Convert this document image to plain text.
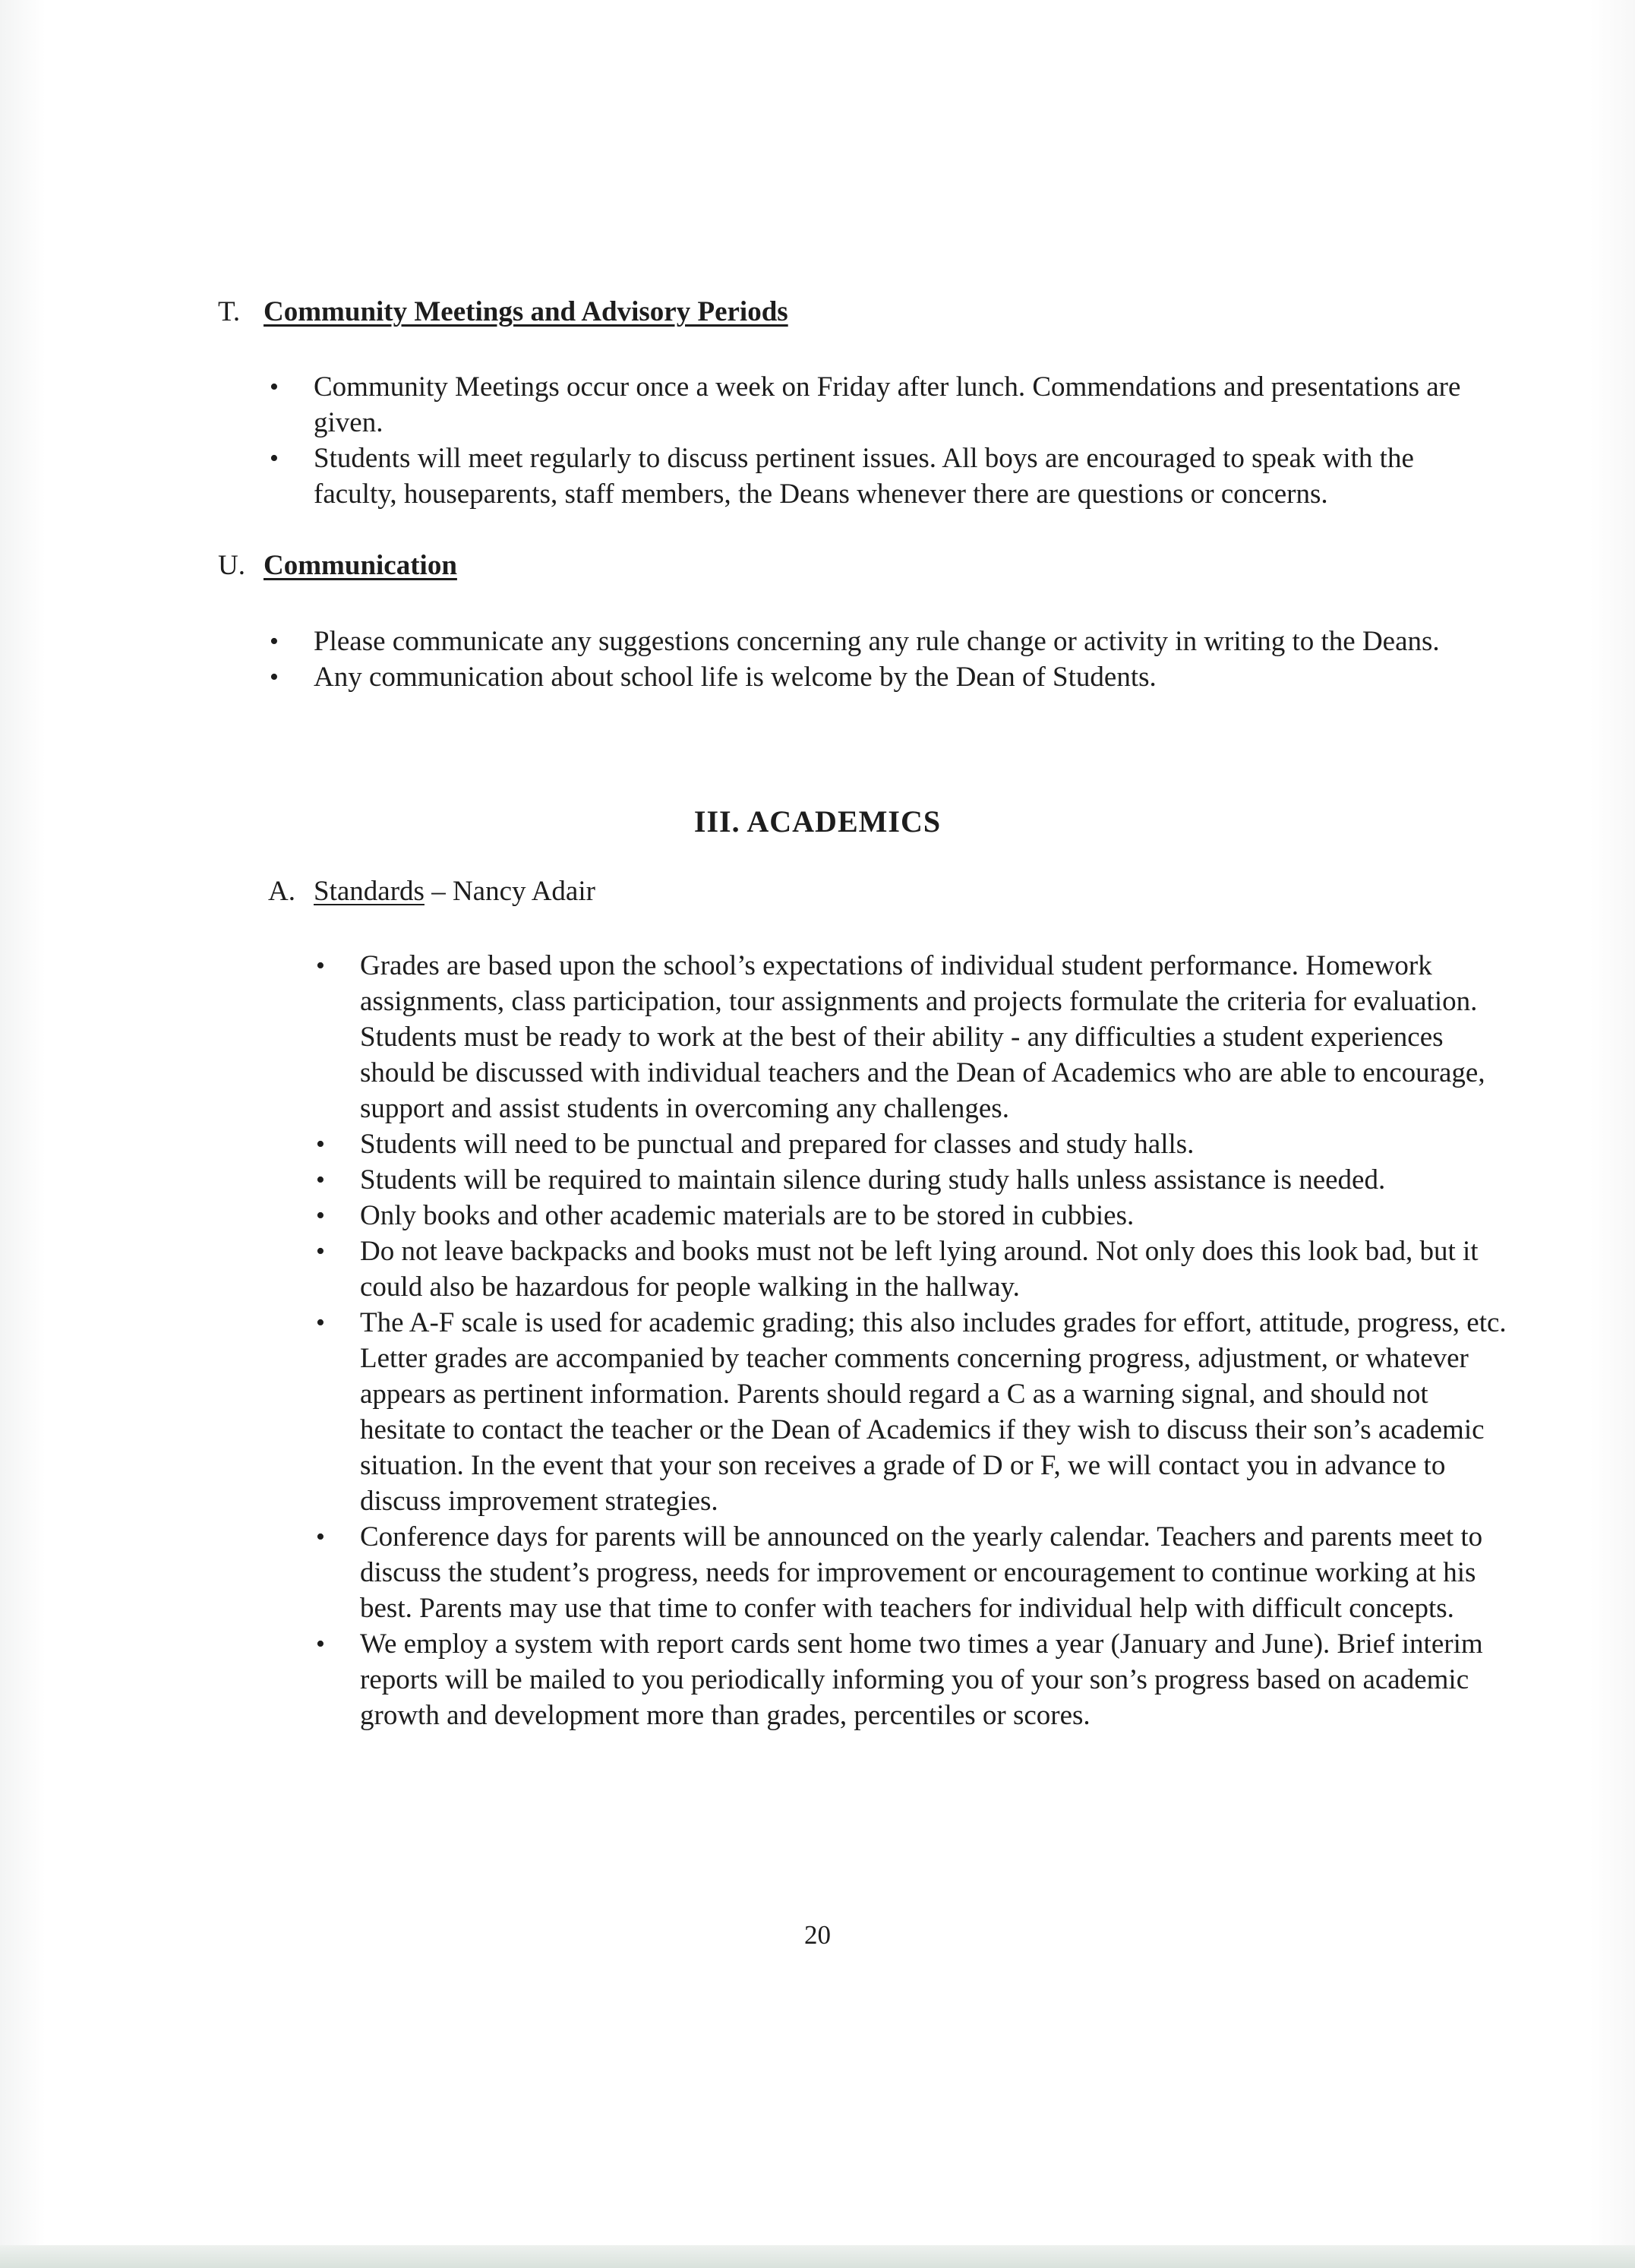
T. Community Meetings and Advisory Periods
• Community Meetings occur once a week on Friday after lunch. Commendations and presentations are given.
• Students will meet regularly to discuss pertinent issues. All boys are encouraged to speak with the faculty, houseparents, staff members, the Deans whenever there are questions or concerns.
U. Communication
• Please communicate any suggestions concerning any rule change or activity in writing to the Deans.
• Any communication about school life is welcome by the Dean of Students.
III. ACADEMICS
A. Standards – Nancy Adair
• Grades are based upon the school’s expectations of individual student performance. Homework assignments, class participation, tour assignments and projects formulate the criteria for evaluation. Students must be ready to work at the best of their ability - any difficulties a student experiences should be discussed with individual teachers and the Dean of Academics who are able to encourage, support and assist students in overcoming any challenges.
• Students will need to be punctual and prepared for classes and study halls.
• Students will be required to maintain silence during study halls unless assistance is needed.
• Only books and other academic materials are to be stored in cubbies.
• Do not leave backpacks and books must not be left lying around. Not only does this look bad, but it could also be hazardous for people walking in the hallway.
• The A-F scale is used for academic grading; this also includes grades for effort, attitude, progress, etc. Letter grades are accompanied by teacher comments concerning progress, adjustment, or whatever appears as pertinent information. Parents should regard a C as a warning signal, and should not hesitate to contact the teacher or the Dean of Academics if they wish to discuss their son’s academic situation. In the event that your son receives a grade of D or F, we will contact you in advance to discuss improvement strategies.
• Conference days for parents will be announced on the yearly calendar. Teachers and parents meet to discuss the student’s progress, needs for improvement or encouragement to continue working at his best. Parents may use that time to confer with teachers for individual help with difficult concepts.
• We employ a system with report cards sent home two times a year (January and June). Brief interim reports will be mailed to you periodically informing you of your son’s progress based on academic growth and development more than grades, percentiles or scores.
20
